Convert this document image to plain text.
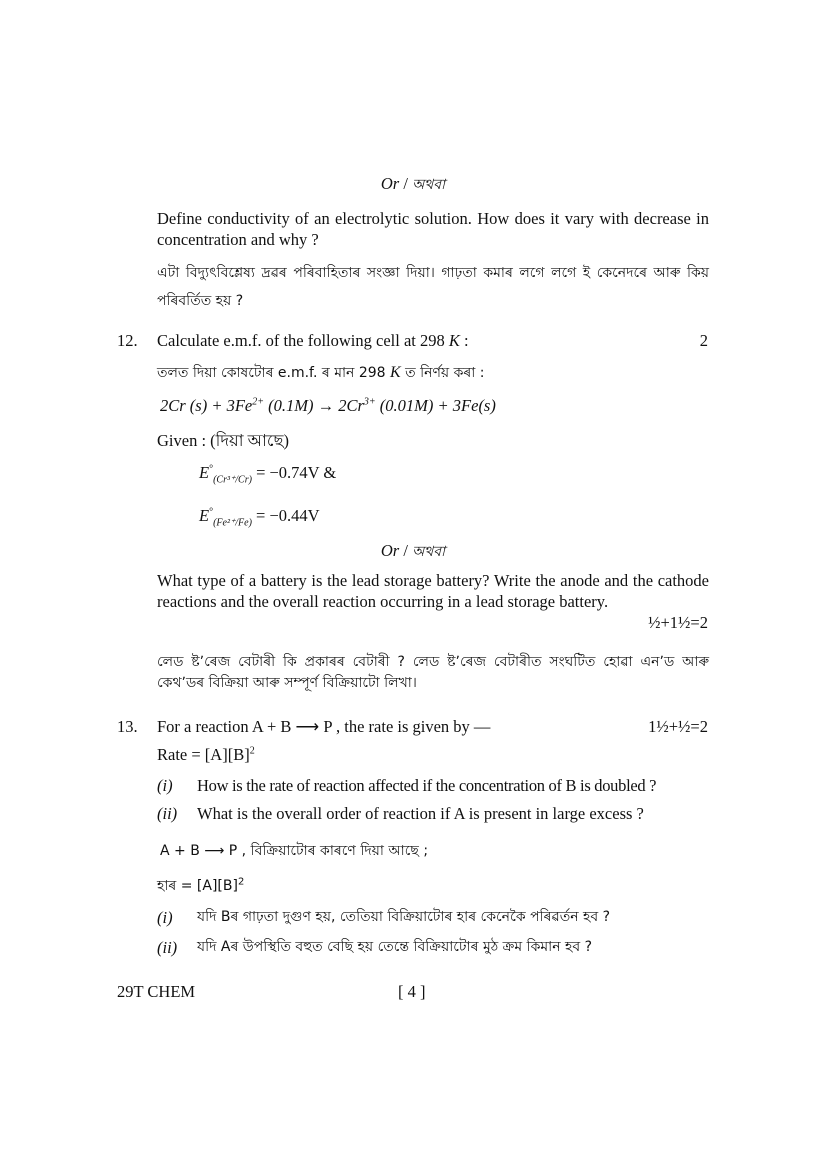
Or / অথবা
Define conductivity of an electrolytic solution. How does it vary with decrease in concentration and why ?
এটা বিদ্যুৎবিশ্লেষ্য দ্ৰৱৰ পৰিবাহিতাৰ সংজ্ঞা দিয়া। গাঢ়তা কমাৰ লগে লগে ই কেনেদৰে আৰু কিয় পৰিবৰ্তিত হয় ?
12. Calculate e.m.f. of the following cell at 298 K :	2
তলত দিয়া কোষটোৰ e.m.f. ৰ মান 298 K ত নিৰ্ণয় কৰা :
2Cr $(s) + 3Fe^{2+}$ $(0.1M) \to 2Cr^{3+}$ (0.01M) + 3Fe(s)
Given : (দিয়া আছে)
$E^\circ_{(Cr^{3+}/Cr)} = -0.74V$ &
$E^\circ_{(Fe^{2+}/Fe)} = -0.44V$
Or / অথবা
What type of a battery is the lead storage battery? Write the anode and the cathode reactions and the overall reaction occurring in a lead storage battery.
½+1½=2
লেড ষ্টʼৰেজ বেটাৰী কি প্ৰকাৰৰ বেটাৰী ? লেড ষ্টʼৰেজ বেটাৰীত সংঘটিত হোৱা এনʼড আৰু কেথʼডৰ বিক্ৰিয়া আৰু সম্পূৰ্ণ বিক্ৰিয়াটো লিখা।
13. For a reaction A + B ⟶ P , the rate is given by —	1½+½=2
Rate = $[A][B]^2$
(i) How is the rate of reaction affected if the concentration of B is doubled ?
(ii) What is the overall order of reaction if A is present in large excess ?
A + B ⟶ P , বিক্ৰিয়াটোৰ কাৰণে দিয়া আছে ;
হাৰ = $[A][B]^2$
(i) যদি Bৰ গাঢ়তা দুগুণ হয়, তেতিয়া বিক্ৰিয়াটোৰ হাৰ কেনেকৈ পৰিৱৰ্তন হব ?
(ii) যদি Aৰ উপস্থিতি বহুত বেছি হয় তেন্তে বিক্ৰিয়াটোৰ মুঠ ক্ৰম কিমান হব ?
29T CHEM	[ 4 ]
